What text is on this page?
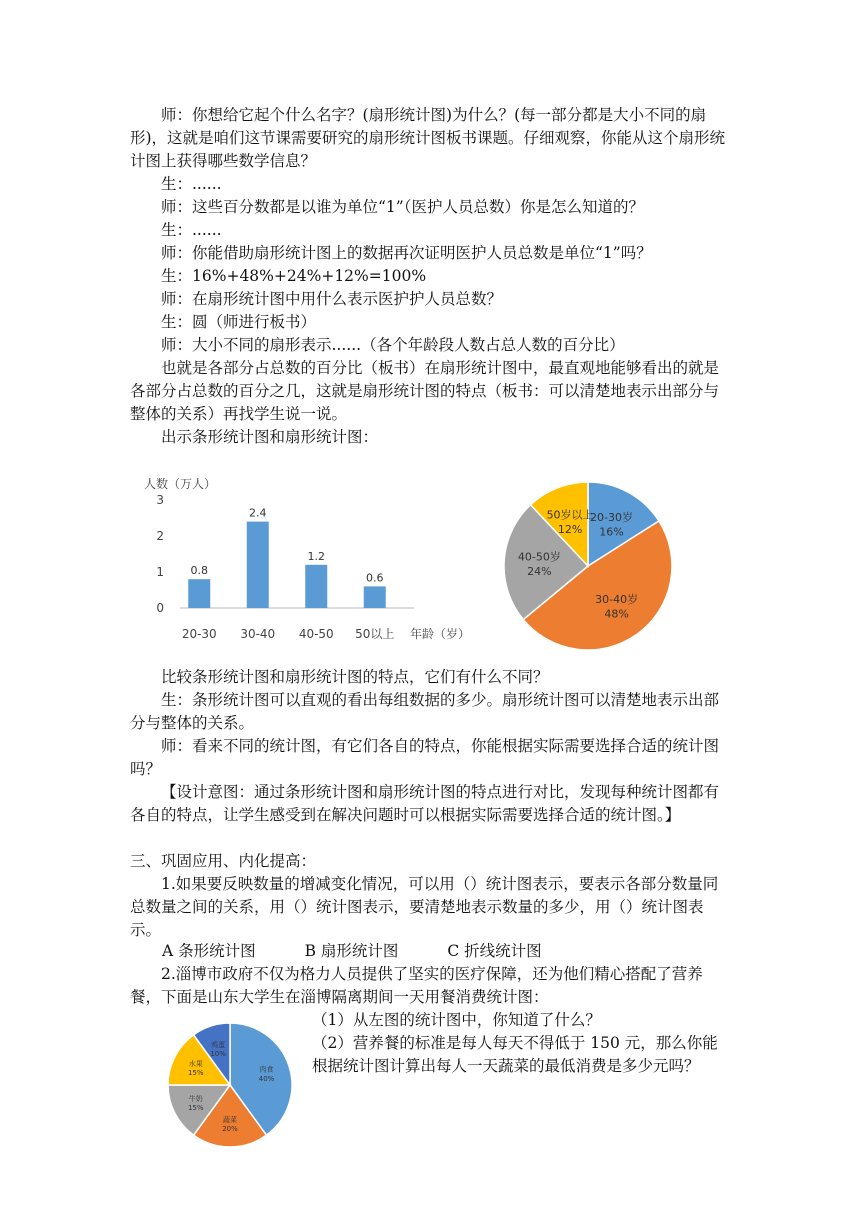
师：你想给它起个什么名字？(扇形统计图)为什么？(每一部分都是大小不同的扇形)，这就是咱们这节课需要研究的扇形统计图板书课题。仔细观察，你能从这个扇形统计图上获得哪些数学信息？

生：......

师：这些百分数都是以谁为单位“1”（医护人员总数）你是怎么知道的？

生：......

师：你能借助扇形统计图上的数据再次证明医护人员总数是单位“1”吗？

生：16%+48%+24%+12%=100%

师：在扇形统计图中用什么表示医护护人员总数？

生：圆（师进行板书）

师：大小不同的扇形表示......（各个年龄段人数占总人数的百分比）

也就是各部分占总数的百分比（板书）在扇形统计图中，最直观地能够看出的就是各部分占总数的百分之几，这就是扇形统计图的特点（板书：可以清楚地表示出部分与整体的关系）再找学生说一说。

出示条形统计图和扇形统计图：

人数（万人）
0
1
2
3
0.8
2.4
1.2
0.6
20-30 30-40 40-50 50以上 年龄（岁）
20-30岁
16%
30-40岁
48%
40-50岁
24%
50岁以上
12%

比较条形统计图和扇形统计图的特点，它们有什么不同？

生：条形统计图可以直观的看出每组数据的多少。扇形统计图可以清楚地表示出部分与整体的关系。

师：看来不同的统计图，有它们各自的特点，你能根据实际需要选择合适的统计图吗？

【设计意图：通过条形统计图和扇形统计图的特点进行对比，发现每种统计图都有各自的特点，让学生感受到在解决问题时可以根据实际需要选择合适的统计图。】

三、巩固应用、内化提高：

1.如果要反映数量的增减变化情况，可以用（）统计图表示，要表示各部分数量同总数量之间的关系，用（）统计图表示，要清楚地表示数量的多少，用（）统计图表示。

A 条形统计图	B 扇形统计图	C 折线统计图

2.淄博市政府不仅为格力人员提供了坚实的医疗保障，还为他们精心搭配了营养餐，下面是山东大学生在淄博隔离期间一天用餐消费统计图：

肉食
40%
蔬菜
20%
牛奶
15%
水果
15%
鸡蛋
10%

（1）从左图的统计图中，你知道了什么？

（2）营养餐的标准是每人每天不得低于 150 元，那么你能根据统计图计算出每人一天蔬菜的最低消费是多少元吗？
